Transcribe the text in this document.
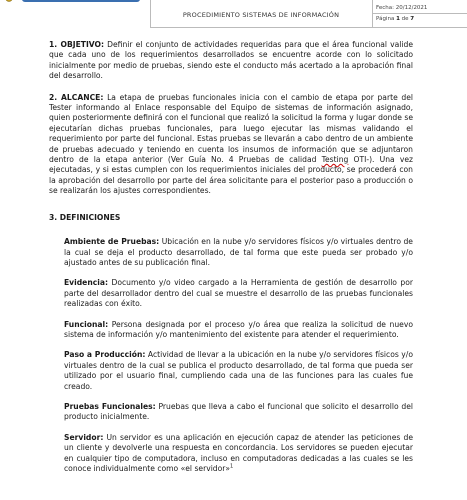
PROCEDIMIENTO SISTEMAS DE INFORMACIÓN
Fecha: 20/12/2021
Página 1 de 7

1. OBJETIVO: Definir el conjunto de actividades requeridas para que el área funcional valide que cada uno de los requerimientos desarrollados se encuentre acorde con lo solicitado inicialmente por medio de pruebas, siendo este el conducto más acertado a la aprobación final del desarrollo.

2. ALCANCE: La etapa de pruebas funcionales inicia con el cambio de etapa por parte del Tester informando al Enlace responsable del Equipo de sistemas de información asignado, quien posteriormente definirá con el funcional que realizó la solicitud la forma y lugar donde se ejecutarían dichas pruebas funcionales, para luego ejecutar las mismas validando el requerimiento por parte del funcional. Estas pruebas se llevarán a cabo dentro de un ambiente de pruebas adecuado y teniendo en cuenta los insumos de información que se adjuntaron dentro de la etapa anterior (Ver Guía No. 4 Pruebas de calidad Testing OTI-). Una vez ejecutadas, y si estas cumplen con los requerimientos iniciales del producto, se procederá con la aprobación del desarrollo por parte del área solicitante para el posterior paso a producción o se realizarán los ajustes correspondientes.

3. DEFINICIONES

Ambiente de Pruebas: Ubicación en la nube y/o servidores físicos y/o virtuales dentro de la cual se deja el producto desarrollado, de tal forma que este pueda ser probado y/o ajustado antes de su publicación final.

Evidencia: Documento y/o video cargado a la Herramienta de gestión de desarrollo por parte del desarrollador dentro del cual se muestre el desarrollo de las pruebas funcionales realizadas con éxito.

Funcional: Persona designada por el proceso y/o área que realiza la solicitud de nuevo sistema de información y/o mantenimiento del existente para atender el requerimiento.

Paso a Producción: Actividad de llevar a la ubicación en la nube y/o servidores físicos y/o virtuales dentro de la cual se publica el producto desarrollado, de tal forma que pueda ser utilizado por el usuario final, cumpliendo cada una de las funciones para las cuales fue creado.

Pruebas Funcionales: Pruebas que lleva a cabo el funcional que solicito el desarrollo del producto inicialmente.

Servidor: Un servidor es una aplicación en ejecución capaz de atender las peticiones de un cliente y devolverle una respuesta en concordancia. Los servidores se pueden ejecutar en cualquier tipo de computadora, incluso en computadoras dedicadas a las cuales se les conoce individualmente como «el servidor»$^1$
